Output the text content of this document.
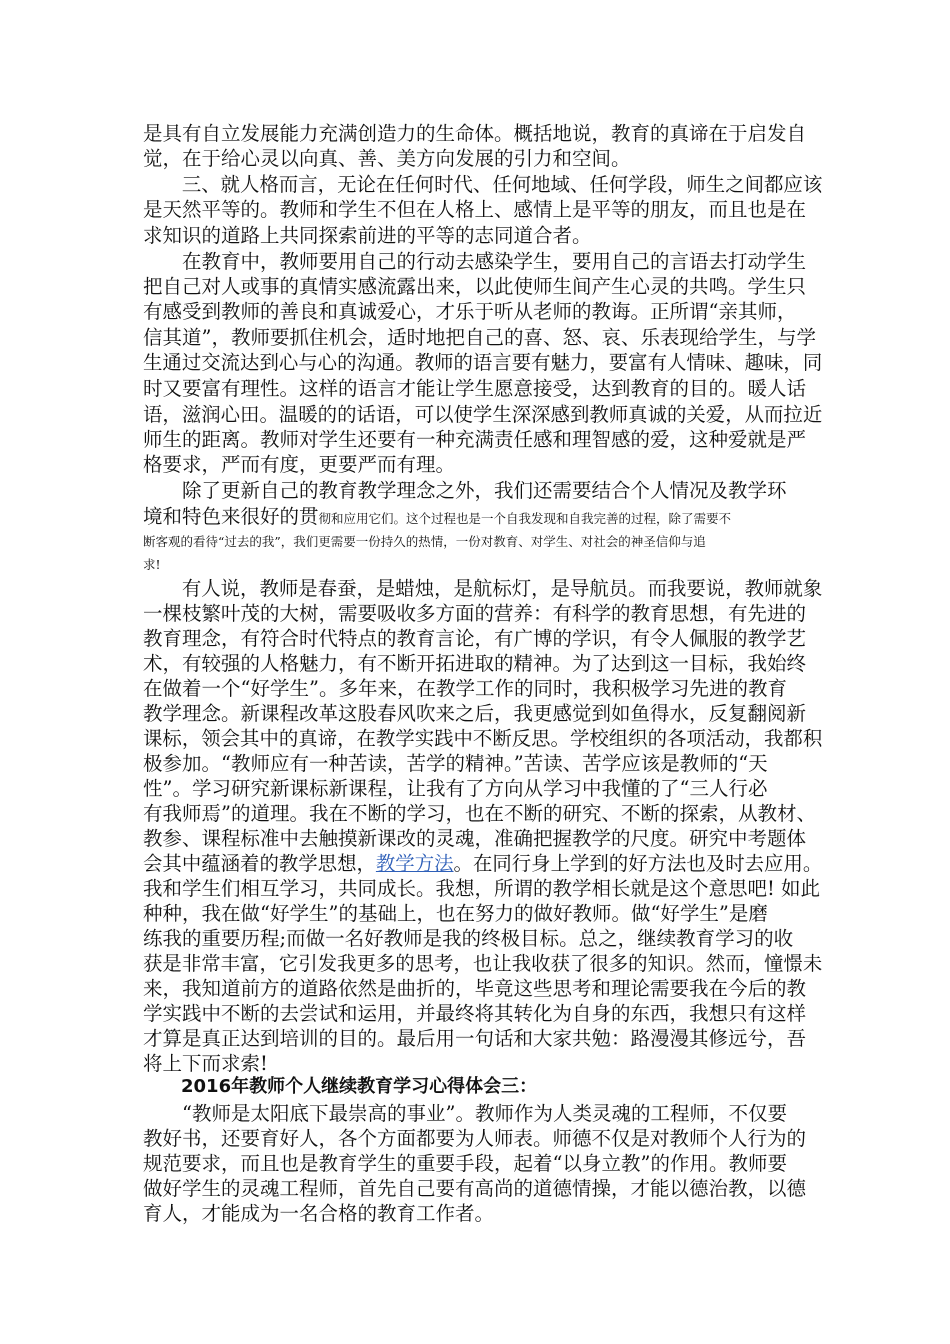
是具有自立发展能力充满创造力的生命体。概括地说，教育的真谛在于启发自
觉，在于给心灵以向真、善、美方向发展的引力和空间。
　　三、就人格而言，无论在任何时代、任何地域、任何学段，师生之间都应该
是天然平等的。教师和学生不但在人格上、感情上是平等的朋友，而且也是在
求知识的道路上共同探索前进的平等的志同道合者。
　　在教育中，教师要用自己的行动去感染学生，要用自己的言语去打动学生
把自己对人或事的真情实感流露出来，以此使师生间产生心灵的共鸣。学生只
有感受到教师的善良和真诚爱心，才乐于听从老师的教诲。正所谓“亲其师，
信其道”，教师要抓住机会，适时地把自己的喜、怒、哀、乐表现给学生，与学
生通过交流达到心与心的沟通。教师的语言要有魅力，要富有人情味、趣味，同
时又要富有理性。这样的语言才能让学生愿意接受，达到教育的目的。暖人话
语，滋润心田。温暖的的话语，可以使学生深深感到教师真诚的关爱，从而拉近
师生的距离。教师对学生还要有一种充满责任感和理智感的爱，这种爱就是严
格要求，严而有度，更要严而有理。
　　除了更新自己的教育教学理念之外，我们还需要结合个人情况及教学环
境和特色来很好的贯彻和应用它们。这个过程也是一个自我发现和自我完善的过程，除了需要不
断客观的看待“过去的我”，我们更需要一份持久的热情，一份对教育、对学生、对社会的神圣信仰与追
求!
　　有人说，教师是春蚕，是蜡烛，是航标灯，是导航员。而我要说，教师就象
一棵枝繁叶茂的大树，需要吸收多方面的营养：有科学的教育思想，有先进的
教育理念，有符合时代特点的教育言论，有广博的学识，有令人佩服的教学艺
术，有较强的人格魅力，有不断开拓进取的精神。为了达到这一目标，我始终
在做着一个“好学生”。多年来，在教学工作的同时，我积极学习先进的教育
教学理念。新课程改革这股春风吹来之后，我更感觉到如鱼得水，反复翻阅新
课标，领会其中的真谛，在教学实践中不断反思。学校组织的各项活动，我都积
极参加。“教师应有一种苦读，苦学的精神。”苦读、苦学应该是教师的“天
性”。学习研究新课标新课程，让我有了方向从学习中我懂的了“三人行必
有我师焉”的道理。我在不断的学习，也在不断的研究、不断的探索，从教材、
教参、课程标准中去触摸新课改的灵魂，准确把握教学的尺度。研究中考题体
会其中蕴涵着的教学思想，教学方法。在同行身上学到的好方法也及时去应用。
我和学生们相互学习，共同成长。我想，所谓的教学相长就是这个意思吧! 如此
种种，我在做“好学生”的基础上，也在努力的做好教师。做“好学生”是磨
练我的重要历程;而做一名好教师是我的终极目标。总之，继续教育学习的收
获是非常丰富，它引发我更多的思考，也让我收获了很多的知识。然而，憧憬未
来，我知道前方的道路依然是曲折的，毕竟这些思考和理论需要我在今后的教
学实践中不断的去尝试和运用，并最终将其转化为自身的东西，我想只有这样
才算是真正达到培训的目的。最后用一句话和大家共勉：路漫漫其修远兮，吾
将上下而求索!
2016年教师个人继续教育学习心得体会三：
　　“教师是太阳底下最崇高的事业”。教师作为人类灵魂的工程师，不仅要
教好书，还要育好人，各个方面都要为人师表。师德不仅是对教师个人行为的
规范要求，而且也是教育学生的重要手段，起着“以身立教”的作用。教师要
做好学生的灵魂工程师，首先自己要有高尚的道德情操，才能以德治教，以德
育人，才能成为一名合格的教育工作者。
